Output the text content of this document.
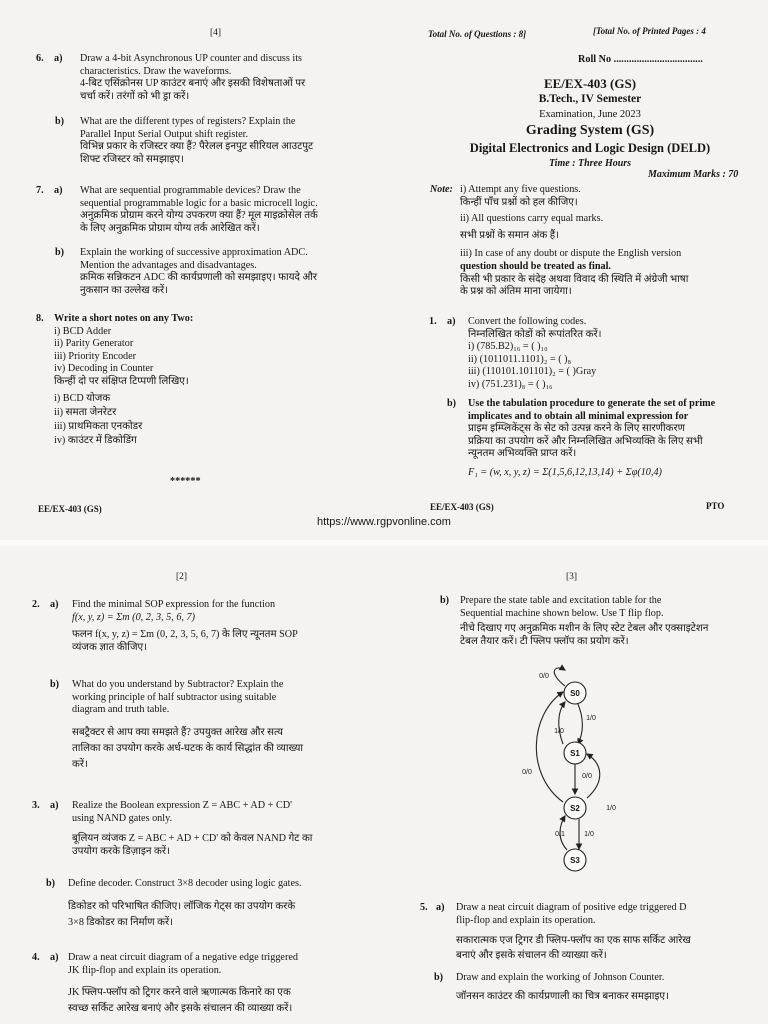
[4]
6. a) Draw a 4-bit Asynchronous UP counter and discuss its
characteristics. Draw the waveforms.
4-बिट एसिंक्रोनस UP काउंटर बनाएं और इसकी विशेषताओं पर
चर्चा करें। तरंगों को भी ड्रा करें।
b) What are the different types of registers? Explain the
Parallel Input Serial Output shift register.
विभिन्न प्रकार के रजिस्टर क्या हैं? पैरेलल इनपुट सीरियल आउटपुट
शिफ्ट रजिस्टर को समझाइए।
7. a) What are sequential programmable devices? Draw the
sequential programmable logic for a basic microcell logic.
अनुक्रमिक प्रोग्राम करने योग्य उपकरण क्या हैं? मूल माइक्रोसेल तर्क
के लिए अनुक्रमिक प्रोग्राम योग्य तर्क आरेखित करें।
b) Explain the working of successive approximation ADC.
Mention the advantages and disadvantages.
क्रमिक सन्निकटन ADC की कार्यप्रणाली को समझाइए। फायदे और
नुकसान का उल्लेख करें।
8. Write a short notes on any Two:
i) BCD Adder
ii) Parity Generator
iii) Priority Encoder
iv) Decoding in Counter
किन्हीं दो पर संक्षिप्त टिप्पणी लिखिए।
i) BCD योजक
ii) समता जेनरेटर
iii) प्राथमिकता एनकोडर
iv) काउंटर में डिकोडिंग
******
EE/EX-403 (GS)
Total No. of Questions : 8]	[Total No. of Printed Pages : 4
Roll No ...................................
EE/EX-403 (GS)
B.Tech., IV Semester
Examination, June 2023
Grading System (GS)
Digital Electronics and Logic Design (DELD)
Time : Three Hours
Maximum Marks : 70
Note: i) Attempt any five questions.
किन्हीं पाँच प्रश्नों को हल कीजिए।
ii) All questions carry equal marks.
सभी प्रश्नों के समान अंक हैं।
iii) In case of any doubt or dispute the English version
question should be treated as final.
किसी भी प्रकार के संदेह अथवा विवाद की स्थिति में अंग्रेजी भाषा
के प्रश्न को अंतिम माना जायेगा।
1. a) Convert the following codes.
निम्नलिखित कोडों को रूपांतरित करें।
i) (785.B2)₁₆ = ( )₁₀
ii) (1011011.1101)₂ = ( )₈
iii) (110101.101101)₂ = ( )Gray
iv) (751.231)₈ = ( )₁₆
b) Use the tabulation procedure to generate the set of prime
implicates and to obtain all minimal expression for
प्राइम इम्प्लिकेंट्स के सेट को उत्पन्न करने के लिए सारणीकरण
प्रक्रिया का उपयोग करें और निम्नलिखित अभिव्यक्ति के लिए सभी
न्यूनतम अभिव्यक्ति प्राप्त करें।
F₁ = (w, x, y, z) = Σ(1,5,6,12,13,14) + Σφ(10,4)
EE/EX-403 (GS)	PTO
https://www.rgpvonline.com
[2]
2. a) Find the minimal SOP expression for the function
f(x, y, z) = Σm (0, 2, 3, 5, 6, 7)
फलन f(x, y, z) = Σm (0, 2, 3, 5, 6, 7) के लिए न्यूनतम SOP
व्यंजक ज्ञात कीजिए।
b) What do you understand by Subtractor? Explain the
working principle of half subtractor using suitable
diagram and truth table.
सबट्रैक्टर से आप क्या समझते हैं? उपयुक्त आरेख और सत्य
तालिका का उपयोग करके अर्ध-घटक के कार्य सिद्धांत की व्याख्या
करें।
3. a) Realize the Boolean expression Z = ABC + AD + CD'
using NAND gates only.
बूलियन व्यंजक Z = ABC + AD + CD' को केवल NAND गेट का
उपयोग करके डिज़ाइन करें।
b) Define decoder. Construct 3×8 decoder using logic gates.
डिकोडर को परिभाषित कीजिए। लॉजिक गेट्स का उपयोग करके
3×8 डिकोडर का निर्माण करें।
4. a) Draw a neat circuit diagram of a negative edge triggered
JK flip-flop and explain its operation.
JK फ्लिप-फ्लॉप को ट्रिगर करने वाले ऋणात्मक किनारे का एक
स्वच्छ सर्किट आरेख बनाएं और इसके संचालन की व्याख्या करें।
[3]
b) Prepare the state table and excitation table for the
Sequential machine shown below. Use T flip flop.
नीचे दिखाए गए अनुक्रमिक मशीन के लिए स्टेट टेबल और एक्साइटेशन
टेबल तैयार करें। टी फ्लिप फ्लॉप का प्रयोग करें।
S0
S1
S2
S3
0/0
1/0
1/0
0/0
0/0
1/0
0/1	1/0
5. a) Draw a neat circuit diagram of positive edge triggered D
flip-flop and explain its operation.
सकारात्मक एज ट्रिगर डी फ्लिप-फ्लॉप का एक साफ सर्किट आरेख
बनाएं और इसके संचालन की व्याख्या करें।
b) Draw and explain the working of Johnson Counter.
जॉनसन काउंटर की कार्यप्रणाली का चित्र बनाकर समझाइए।
